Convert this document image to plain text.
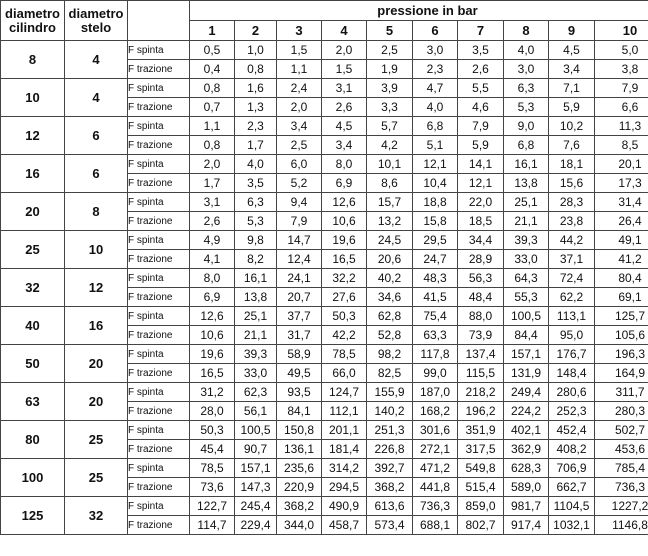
diametro
cilindro	diametro
stelo		pressione in bar									
			1	2	3	4	5	6	7	8	9	10
8	4	F spinta	0,5	1,0	1,5	2,0	2,5	3,0	3,5	4,0	4,5	5,0
		F trazione	0,4	0,8	1,1	1,5	1,9	2,3	2,6	3,0	3,4	3,8
10	4	F spinta	0,8	1,6	2,4	3,1	3,9	4,7	5,5	6,3	7,1	7,9
		F trazione	0,7	1,3	2,0	2,6	3,3	4,0	4,6	5,3	5,9	6,6
12	6	F spinta	1,1	2,3	3,4	4,5	5,7	6,8	7,9	9,0	10,2	11,3
		F trazione	0,8	1,7	2,5	3,4	4,2	5,1	5,9	6,8	7,6	8,5
16	6	F spinta	2,0	4,0	6,0	8,0	10,1	12,1	14,1	16,1	18,1	20,1
		F trazione	1,7	3,5	5,2	6,9	8,6	10,4	12,1	13,8	15,6	17,3
20	8	F spinta	3,1	6,3	9,4	12,6	15,7	18,8	22,0	25,1	28,3	31,4
		F trazione	2,6	5,3	7,9	10,6	13,2	15,8	18,5	21,1	23,8	26,4
25	10	F spinta	4,9	9,8	14,7	19,6	24,5	29,5	34,4	39,3	44,2	49,1
		F trazione	4,1	8,2	12,4	16,5	20,6	24,7	28,9	33,0	37,1	41,2
32	12	F spinta	8,0	16,1	24,1	32,2	40,2	48,3	56,3	64,3	72,4	80,4
		F trazione	6,9	13,8	20,7	27,6	34,6	41,5	48,4	55,3	62,2	69,1
40	16	F spinta	12,6	25,1	37,7	50,3	62,8	75,4	88,0	100,5	113,1	125,7
		F trazione	10,6	21,1	31,7	42,2	52,8	63,3	73,9	84,4	95,0	105,6
50	20	F spinta	19,6	39,3	58,9	78,5	98,2	117,8	137,4	157,1	176,7	196,3
		F trazione	16,5	33,0	49,5	66,0	82,5	99,0	115,5	131,9	148,4	164,9
63	20	F spinta	31,2	62,3	93,5	124,7	155,9	187,0	218,2	249,4	280,6	311,7
		F trazione	28,0	56,1	84,1	112,1	140,2	168,2	196,2	224,2	252,3	280,3
80	25	F spinta	50,3	100,5	150,8	201,1	251,3	301,6	351,9	402,1	452,4	502,7
		F trazione	45,4	90,7	136,1	181,4	226,8	272,1	317,5	362,9	408,2	453,6
100	25	F spinta	78,5	157,1	235,6	314,2	392,7	471,2	549,8	628,3	706,9	785,4
		F trazione	73,6	147,3	220,9	294,5	368,2	441,8	515,4	589,0	662,7	736,3
125	32	F spinta	122,7	245,4	368,2	490,9	613,6	736,3	859,0	981,7	1104,5	1227,2
		F trazione	114,7	229,4	344,0	458,7	573,4	688,1	802,7	917,4	1032,1	1146,8
